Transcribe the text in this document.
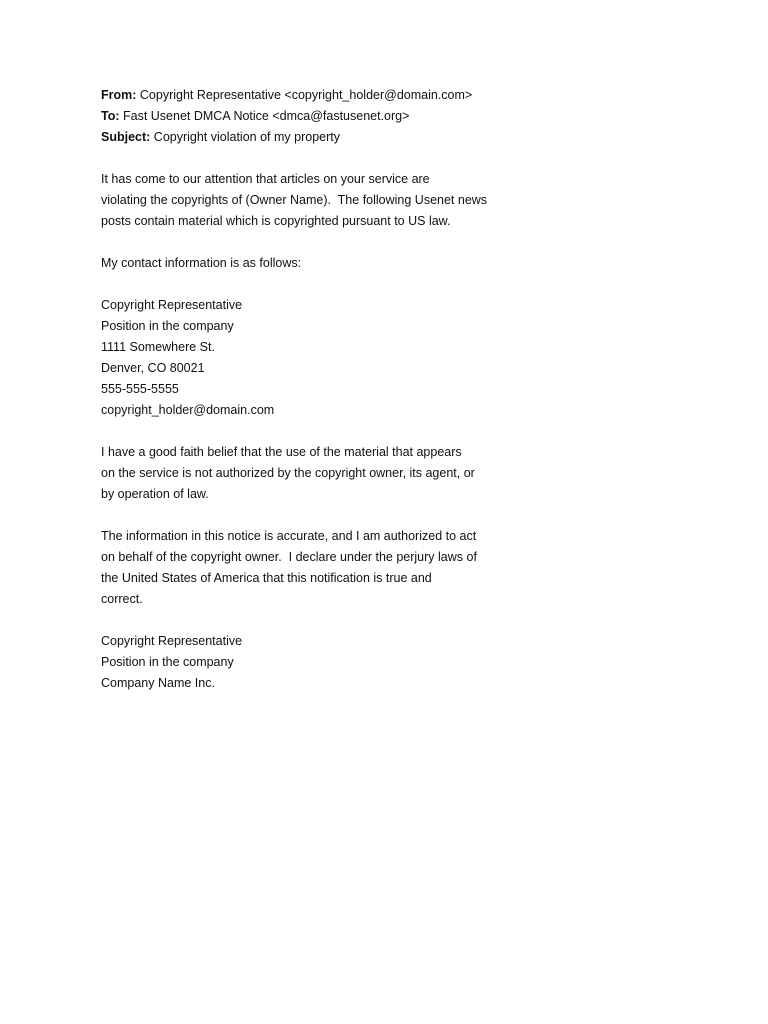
From: Copyright Representative <copyright_holder@domain.com>
To: Fast Usenet DMCA Notice <dmca@fastusenet.org>
Subject: Copyright violation of my property
It has come to our attention that articles on your service are
violating the copyrights of (Owner Name).  The following Usenet news
posts contain material which is copyrighted pursuant to US law.
My contact information is as follows:
Copyright Representative
Position in the company
1111 Somewhere St.
Denver, CO 80021
555-555-5555
copyright_holder@domain.com
I have a good faith belief that the use of the material that appears
on the service is not authorized by the copyright owner, its agent, or
by operation of law.
The information in this notice is accurate, and I am authorized to act
on behalf of the copyright owner.  I declare under the perjury laws of
the United States of America that this notification is true and
correct.
Copyright Representative
Position in the company
Company Name Inc.
